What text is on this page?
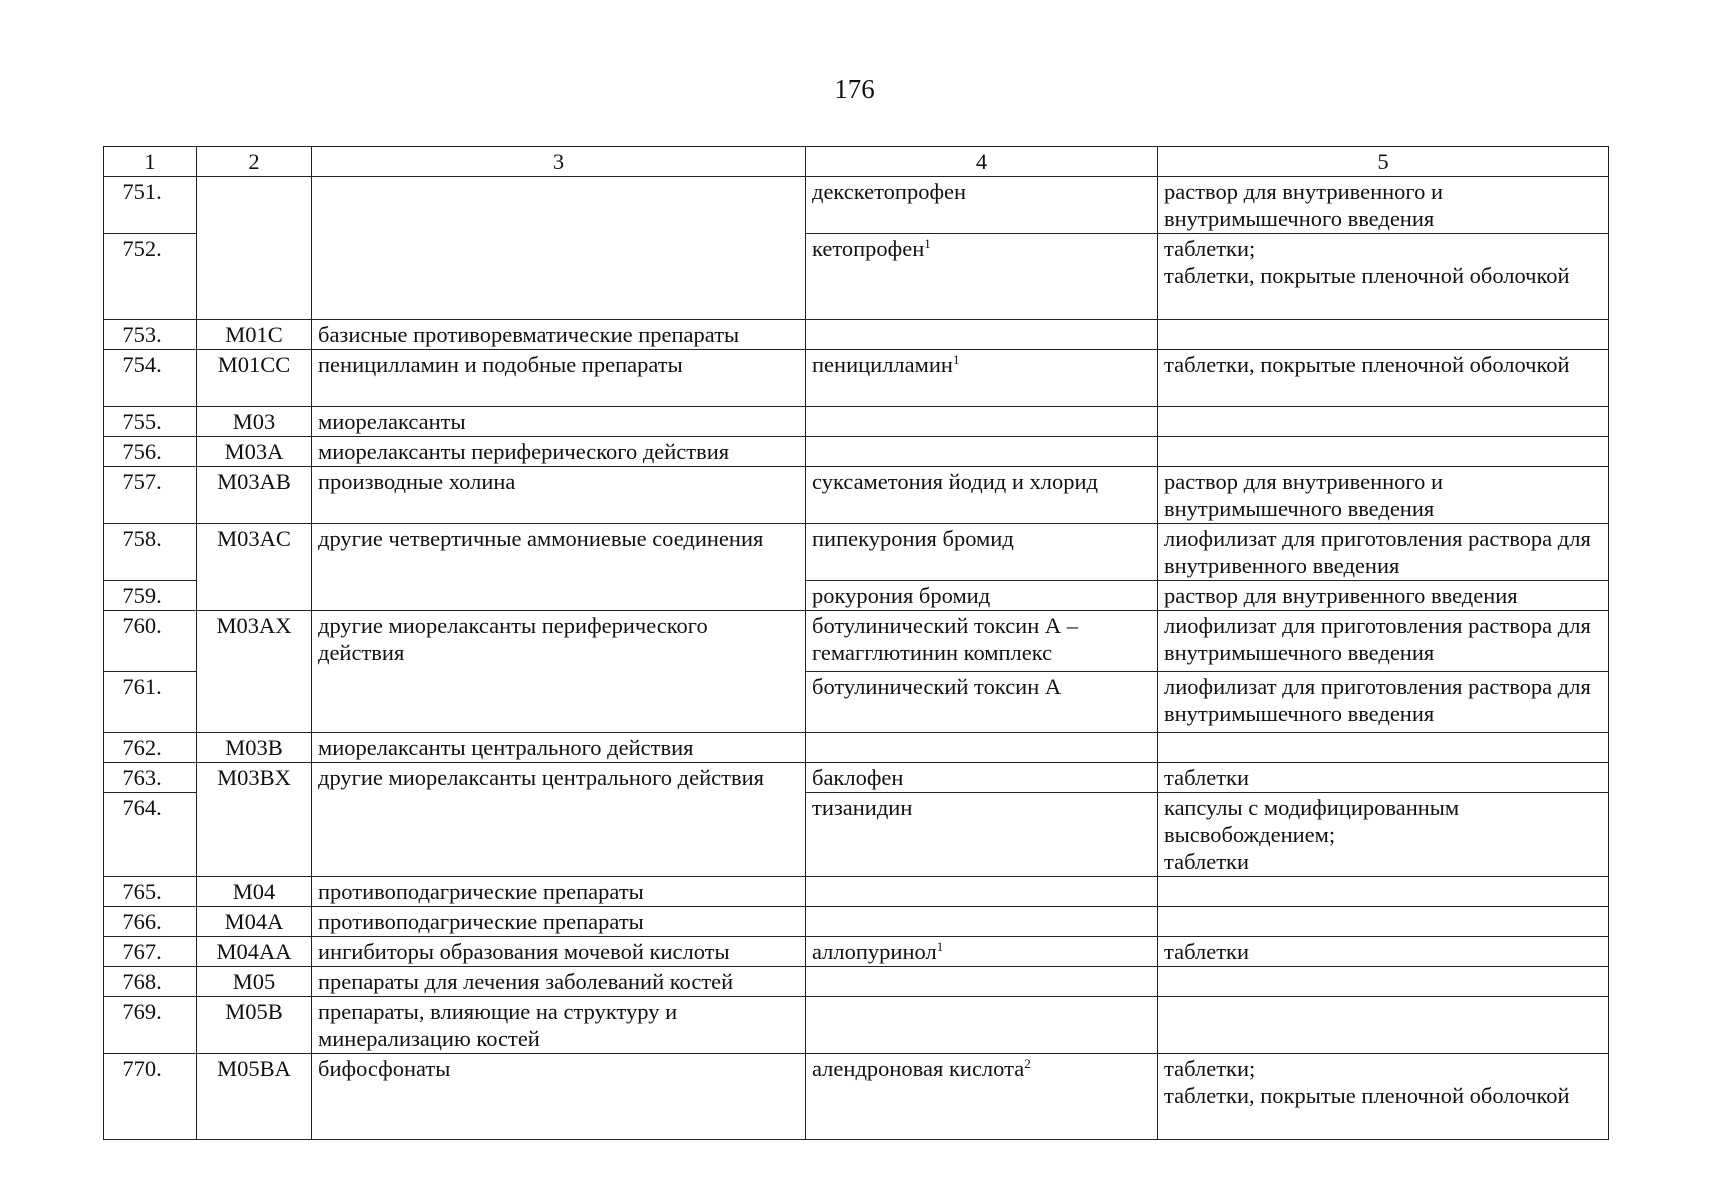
176
1	2	3	4	5
751.			декскетопрофен	раствор для внутривенного и внутримышечного введения
752.			кетопрофен$^1$	таблетки;
таблетки, покрытые пленочной оболочкой

753.	M01C	базисные противоревматические препараты		
754.	M01CC	пеницилламин и подобные препараты	пеницилламин$^1$	таблетки, покрытые пленочной оболочкой
755.	M03	миорелаксанты		
756.	M03A	миорелаксанты периферического действия		
757.	M03AB	производные холина	суксаметония йодид и хлорид	раствор для внутривенного и внутримышечного введения
758.	M03AC	другие четвертичные аммониевые соединения	пипекурония бромид	лиофилизат для приготовления раствора для внутривенного введения
759.			рокурония бромид	раствор для внутривенного введения
760.	M03AX	другие миорелаксанты периферического действия	ботулинический токсин А – гемагглютинин комплекс	лиофилизат для приготовления раствора для внутримышечного введения
761.			ботулинический токсин А	лиофилизат для приготовления раствора для внутримышечного введения
762.	M03B	миорелаксанты центрального действия		
763.	M03BX	другие миорелаксанты центрального действия	баклофен	таблетки
764.			тизанидин	капсулы с модифицированным высвобождением;
таблетки

765.	M04	противоподагрические препараты		
766.	M04A	противоподагрические препараты		
767.	M04AA	ингибиторы образования мочевой кислоты	аллопуринол$^1$	таблетки
768.	M05	препараты для лечения заболеваний костей		
769.	M05B	препараты, влияющие на структуру и минерализацию костей		
770.	M05BA	бифосфонаты	алендроновая кислота$^2$	таблетки;
таблетки, покрытые пленочной оболочкой
